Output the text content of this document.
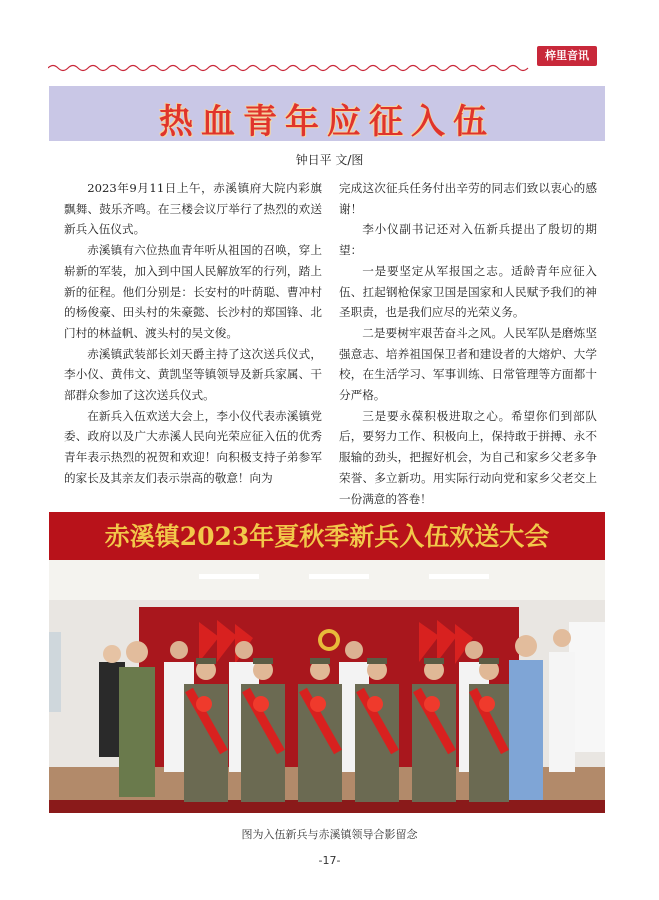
梓里音讯
热血青年应征入伍
钟日平 文/图

2023年9月11日上午，赤溪镇府大院内彩旗飘舞、鼓乐齐鸣。在三楼会议厅举行了热烈的欢送新兵入伍仪式。

赤溪镇有六位热血青年听从祖国的召唤，穿上崭新的军装，加入到中国人民解放军的行列，踏上新的征程。他们分别是：长安村的叶荫聪、曹冲村的杨俊豪、田头村的朱豪懿、长沙村的郑国锋、北门村的林益帆、渡头村的吴文俊。

赤溪镇武装部长刘天爵主持了这次送兵仪式，李小仪、黄伟文、黄凯坚等镇领导及新兵家属、干部群众参加了这次送兵仪式。

在新兵入伍欢送大会上，李小仪代表赤溪镇党委、政府以及广大赤溪人民向光荣应征入伍的优秀青年表示热烈的祝贺和欢迎！向积极支持子弟参军的家长及其亲友们表示崇高的敬意！向为

完成这次征兵任务付出辛劳的同志们致以衷心的感谢！

李小仪副书记还对入伍新兵提出了殷切的期望：

一是要坚定从军报国之志。适龄青年应征入伍、扛起钢枪保家卫国是国家和人民赋予我们的神圣职责，也是我们应尽的光荣义务。

二是要树牢艰苦奋斗之风。人民军队是磨炼坚强意志、培养祖国保卫者和建设者的大熔炉、大学校，在生活学习、军事训练、日常管理等方面都十分严格。

三是要永葆积极进取之心。希望你们到部队后，要努力工作、积极向上，保持敢于拼搏、永不服输的劲头，把握好机会，为自己和家乡父老多争荣誉、多立新功。用实际行动向党和家乡父老交上一份满意的答卷！

赤溪镇2023年夏秋季新兵入伍欢送大会
图为入伍新兵与赤溪镇领导合影留念
-17-
